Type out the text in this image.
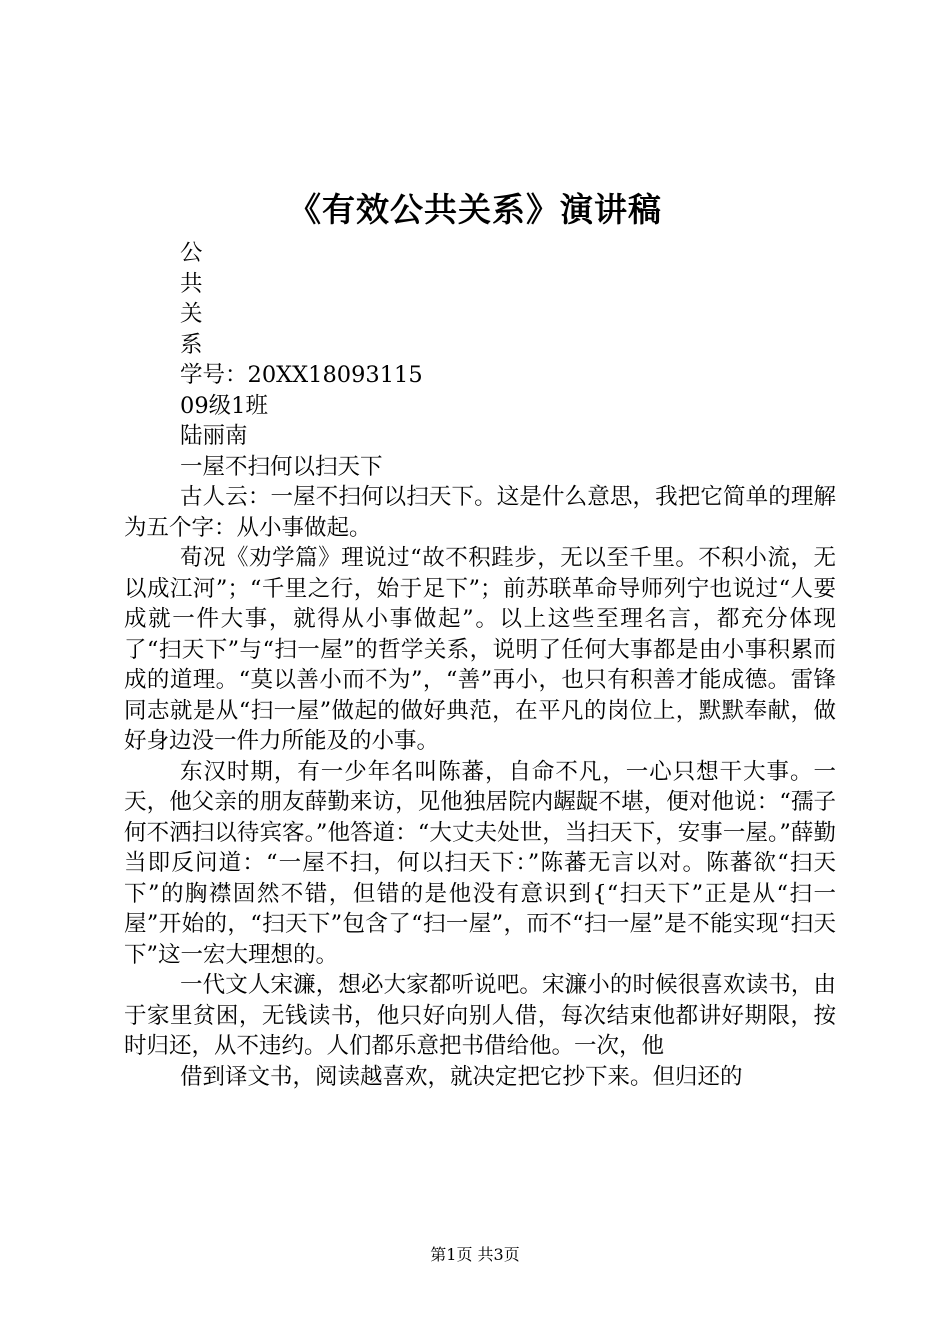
《有效公共关系》演讲稿
公
共
关
系
学号：20XX18093115
09级1班
陆丽南
一屋不扫何以扫天下
古人云：一屋不扫何以扫天下。这是什么意思，我把它简单的理解为五个字：从小事做起。
荀况《劝学篇》理说过“故不积跬步，无以至千里。不积小流，无以成江河”；“千里之行，始于足下”；前苏联革命导师列宁也说过“人要成就一件大事，就得从小事做起”。以上这些至理名言，都充分体现了“扫天下”与“扫一屋”的哲学关系，说明了任何大事都是由小事积累而成的道理。“莫以善小而不为”，“善”再小，也只有积善才能成德。雷锋同志就是从“扫一屋”做起的做好典范，在平凡的岗位上，默默奉献，做好身边没一件力所能及的小事。
东汉时期，有一少年名叫陈蕃，自命不凡，一心只想干大事。一天，他父亲的朋友薛勤来访，见他独居院内龌龊不堪，便对他说：“孺子何不洒扫以待宾客。”他答道：“大丈夫处世，当扫天下，安事一屋。”薛勤当即反问道：“一屋不扫，何以扫天下：”陈蕃无言以对。陈蕃欲“扫天下”的胸襟固然不错，但错的是他没有意识到{“扫天下”正是从“扫一屋”开始的，“扫天下”包含了“扫一屋”，而不“扫一屋”是不能实现“扫天下”这一宏大理想的。
一代文人宋濂，想必大家都听说吧。宋濂小的时候很喜欢读书，由于家里贫困，无钱读书，他只好向别人借，每次结束他都讲好期限，按时归还，从不违约。人们都乐意把书借给他。一次，他
借到译文书，阅读越喜欢，就决定把它抄下来。但归还的
第1页 共3页
